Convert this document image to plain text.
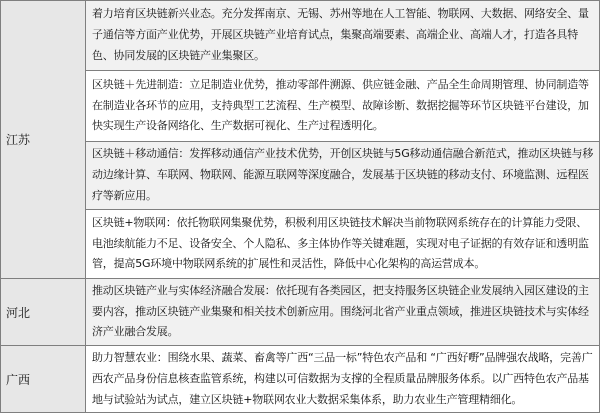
江苏	着力培育区块链新兴业态。充分发挥南京、无锡、苏州等地在人工智能、物联网、大数据、网络安全、量子通信等方面产业优势，开展区块链产业培育试点，集聚高端要素、高端企业、高端人才，打造各具特色、协同发展的区块链产业集聚区。
	区块链＋先进制造：立足制造业优势，推动零部件溯源、供应链金融、产品全生命周期管理、协同制造等在制造业各环节的应用，支持典型工艺流程、生产模型、故障诊断、数据挖掘等环节区块链平台建设，加快实现生产设备网络化、生产数据可视化、生产过程透明化。
	区块链＋移动通信：发挥移动通信产业技术优势，开创区块链与5G移动通信融合新范式，推动区块链与移动边缘计算、车联网、物联网、能源互联网等深度融合，发展基于区块链的移动支付、环境监测、远程医疗等新应用。
	区块链+物联网：依托物联网集聚优势，积极利用区块链技术解决当前物联网系统存在的计算能力受限、电池续航能力不足、设备安全、个人隐私、多主体协作等关键难题，实现对电子证据的有效存证和透明监管，提高5G环境中物联网系统的扩展性和灵活性，降低中心化架构的高运营成本。
河北	推动区块链产业与实体经济融合发展：依托现有各类园区，把支持服务区块链企业发展纳入园区建设的主要内容，推动区块链产业集聚和相关技术创新应用。围绕河北省产业重点领域，推进区块链技术与实体经济产业融合发展。
广西	助力智慧农业：围绕水果、蔬菜、畜禽等广西“三品一标”特色农产品和 “广西好嘢”品牌强农战略，完善广西农产品身份信息核查监管系统，构建以可信数据为支撑的全程质量品牌服务体系。以广西特色农产品基地与试验站为试点，建立区块链+物联网农业大数据采集体系，助力农业生产管理精细化。
